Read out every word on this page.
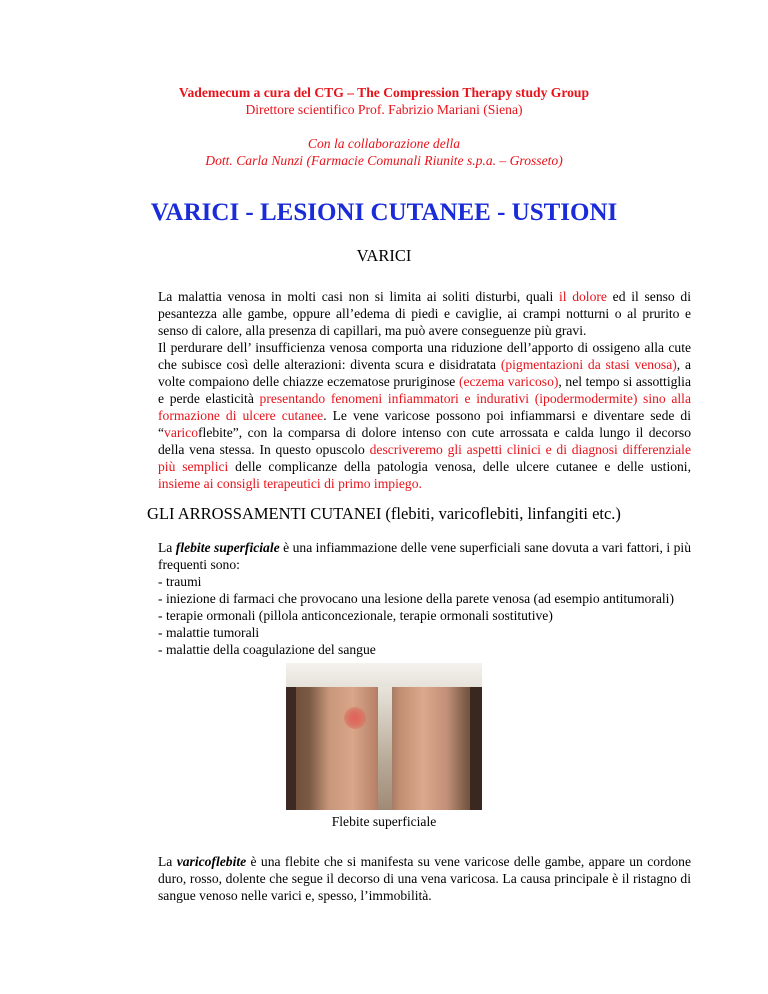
Vademecum a cura del CTG – The Compression Therapy study Group
Direttore scientifico Prof. Fabrizio Mariani (Siena)
Con la collaborazione della
Dott. Carla Nunzi (Farmacie Comunali Riunite s.p.a. – Grosseto)
VARICI - LESIONI CUTANEE - USTIONI
VARICI

La malattia venosa in molti casi non si limita ai soliti disturbi, quali il dolore ed il senso di pesantezza alle gambe, oppure all’edema di piedi e caviglie, ai crampi notturni o al prurito e senso di calore, alla presenza di capillari, ma può avere conseguenze più gravi.

Il perdurare dell’ insufficienza venosa comporta una riduzione dell’apporto di ossigeno alla cute che subisce così delle alterazioni: diventa scura e disidratata (pigmentazioni da stasi venosa), a volte compaiono delle chiazze eczematose pruriginose (eczema varicoso), nel tempo si assottiglia e perde elasticità presentando fenomeni infiammatori e indurativi (ipodermodermite) sino alla formazione di ulcere cutanee. Le vene varicose possono poi infiammarsi e diventare sede di “varicoflebite”, con la comparsa di dolore intenso con cute arrossata e calda lungo il decorso della vena stessa. In questo opuscolo descriveremo gli aspetti clinici e di diagnosi differenziale più semplici delle complicanze della patologia venosa, delle ulcere cutanee e delle ustioni, insieme ai consigli terapeutici di primo impiego.

GLI ARROSSAMENTI CUTANEI (flebiti, varicoflebiti, linfangiti etc.)

La flebite superficiale è una infiammazione delle vene superficiali sane dovuta a vari fattori, i più frequenti sono:

- traumi
- iniezione di farmaci che provocano una lesione della parete venosa (ad esempio antitumorali)
- terapie ormonali (pillola anticoncezionale, terapie ormonali sostitutive)
- malattie tumorali
- malattie della coagulazione del sangue
Flebite superficiale

La varicoflebite è una flebite che si manifesta su vene varicose delle gambe, appare un cordone duro, rosso, dolente che segue il decorso di una vena varicosa. La causa principale è il ristagno di sangue venoso nelle varici e, spesso, l’immobilità.
